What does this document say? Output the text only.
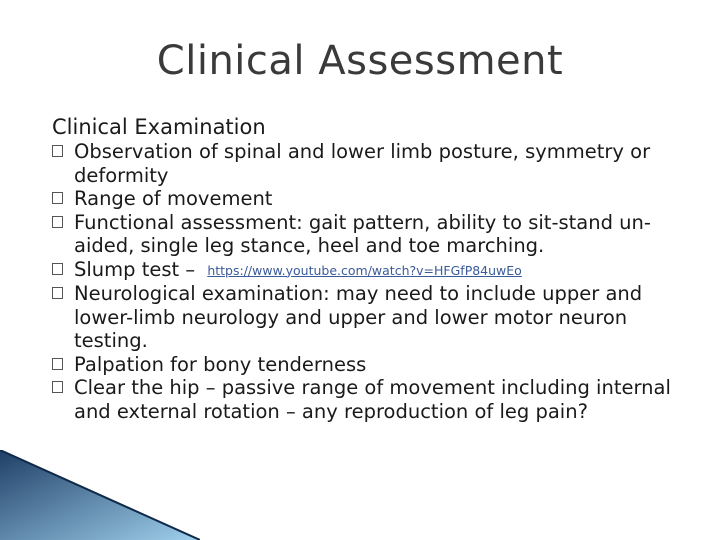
Clinical Assessment
Clinical Examination
Observation of spinal and lower limb posture, symmetry or deformity
Range of movement
Functional assessment: gait pattern, ability to sit-stand un-aided, single leg stance, heel and toe marching.
Slump test – https://www.youtube.com/watch?v=HFGfP84uwEo
Neurological examination: may need to include upper and lower-limb neurology and upper and lower motor neuron testing.
Palpation for bony tenderness
Clear the hip – passive range of movement including internal and external rotation – any reproduction of leg pain?
